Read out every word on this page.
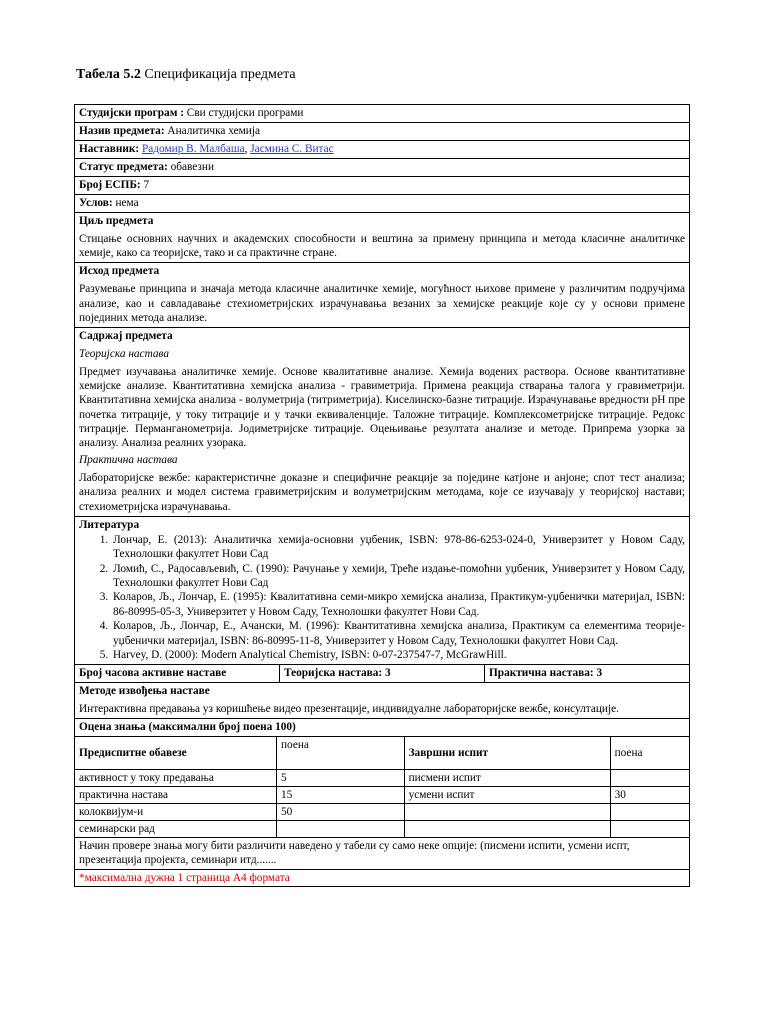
Табела 5.2 Спецификација предмета
Студијски програм : Сви студијски програми
Назив предмета: Аналитичка хемија
Наставник: Радомир В. Малбаша, Јасмина С. Витас
Статус предмета: обавезни
Број ЕСПБ: 7
Услов: нема
Циљ предмета
Стицање основних научних и академских способности и вештина за примену принципа и метода класичне аналитичке хемије, како са теоријске, тако и са практичне стране.
Исход предмета
Разумевање принципа и значаја метода класичне аналитичке хемије, могућност њихове примене у различитим подручјима анализе, као и савладавање стехиометријских израчунавања везаних за хемијске реакције које су у основи примене појединих метода анализе.
Садржај предмета
Теоријска настава
Предмет изучавања аналитичке хемије. Основе квалитативне анализе. Хемија водених раствора. Основе квантитативне хемијске анализе. Квантитативна хемијска анализа - гравиметрија. Примена реакција стварања талога у гравиметрији. Квантитативна хемијска анализа - волуметрија (титриметрија). Киселинско-базне титрације. Израчунавање вредности pH пре почетка титрације, у току титрације и у тачки еквиваленције. Таложне титрације. Комплексометријске титрације. Редокс титрације. Перманганометрија. Јодиметријске титрације. Оцењивање резултата анализе и методе. Припрема узорка за анализу. Анализа реалних узорака.
Практична настава
Лабораторијске вежбе: карактеристичне доказне и специфичне реакције за поједине катјоне и анјоне; спот тест анализа; анализа реалних и модел система гравиметријским и волуметријским методама, које се изучавају у теоријској настави; стехиометријска израчунавања.
Литература
1. Лончар, Е. (2013): Аналитичка хемија-основни уџбеник, ISBN: 978-86-6253-024-0, Универзитет у Новом Саду, Технолошки факултет Нови Сад
2. Ломић, С., Радосављевић, С. (1990): Рачунање у хемији, Треће издање-помоћни уџбеник, Универзитет у Новом Саду, Технолошки факултет Нови Сад
3. Коларов, Љ., Лончар, Е. (1995): Квалитативна семи-микро хемијска анализа, Практикум-уџбенички материјал, ISBN: 86-80995-05-3, Универзитет у Новом Саду, Технолошки факултет Нови Сад.
4. Коларов, Љ., Лончар, Е., Ачански, М. (1996): Квантитативна хемијска анализа, Практикум са елементима теорије-уџбенички материјал, ISBN: 86-80995-11-8, Универзитет у Новом Саду, Технолошки факултет Нови Сад.
5. Harvey, D. (2000): Modern Analytical Chemistry, ISBN: 0-07-237547-7, McGrawHill.
Број часова активне наставе	Теоријска настава: 3	Практична настава: 3
Методе извођења наставе
Интерактивна предавања уз коришћење видео презентације, индивидуалне лабораторијске вежбе, консултације.
Оцена знања (максимални број поена 100)
Предиспитне обавезе	поена	Завршни испит	поена
активност у току предавања	5	писмени испит	
практична настава	15	усмени испит	30
колоквијум-и	50		
семинарски рад			
Начин провере знања могу бити различити наведено у табели су само неке опције: (писмени испити, усмени испт, презентација пројекта, семинари итд.......
*максимална дужна 1 страница А4 формата
